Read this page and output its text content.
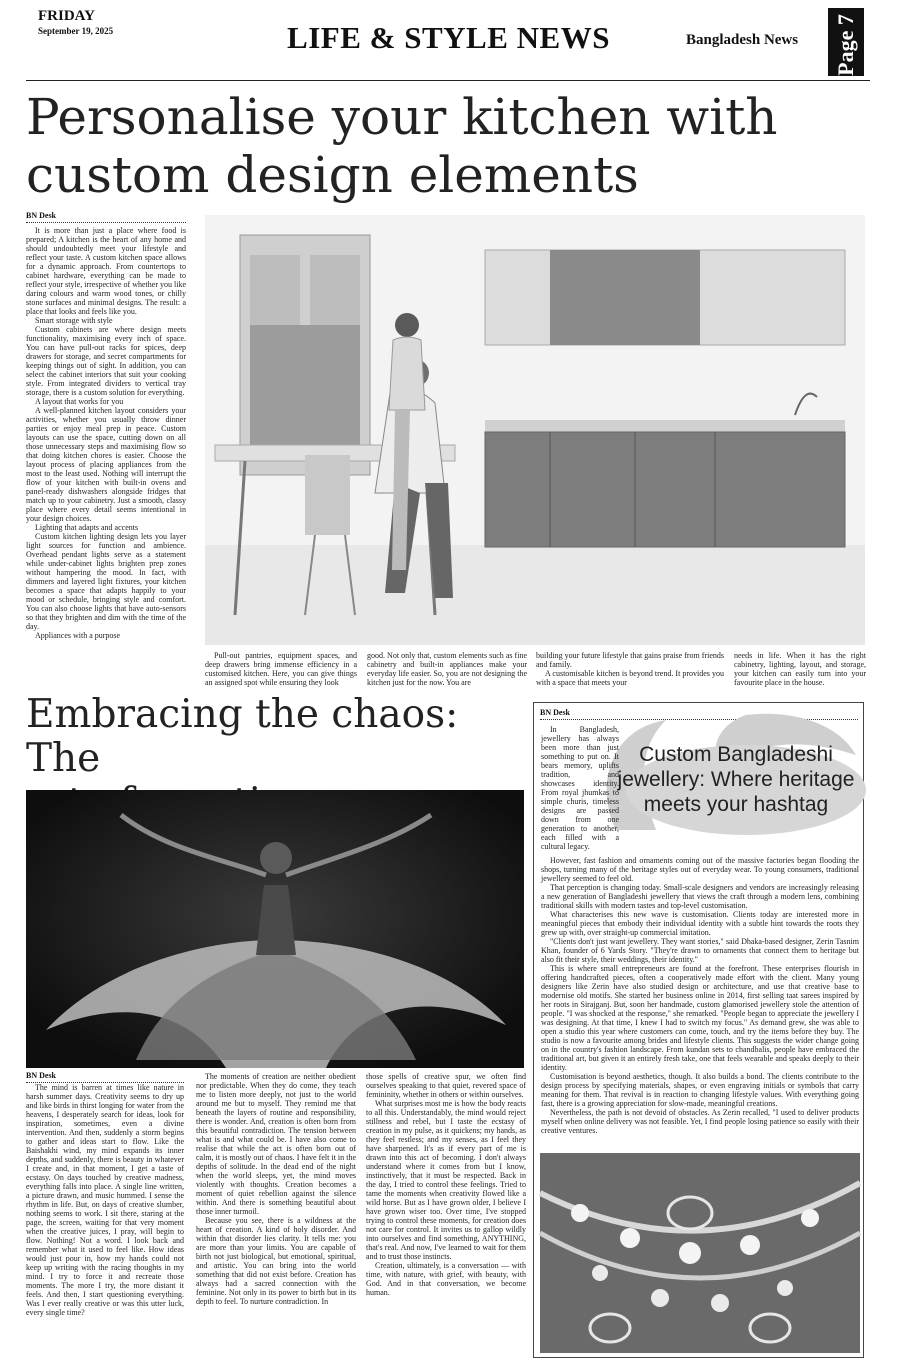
FRIDAY
September 19, 2025	LIFE & STYLE NEWS	Bangladesh News Page 7
Personalise your kitchen with
custom design elements
BN Desk

It is more than just a place where food is prepared; A kitchen is the heart of any home and should undoubtedly meet your lifestyle and reflect your taste. A custom kitchen space allows for a dynamic approach. From countertops to cabinet hardware, everything can be made to reflect your style, irrespective of whether you like daring colours and warm wood tones, or chilly stone surfaces and minimal designs. The result: a place that looks and feels like you.

Smart storage with style

Custom cabinets are where design meets functionality, maximising every inch of space. You can have pull-out racks for spices, deep drawers for storage, and secret compartments for keeping things out of sight. In addition, you can select the cabinet interiors that suit your cooking style. From integrated dividers to vertical tray storage, there is a custom solution for everything.

A layout that works for you

A well-planned kitchen layout considers your activities, whether you usually throw dinner parties or enjoy meal prep in peace. Custom layouts can use the space, cutting down on all those unnecessary steps and maximising flow so that doing kitchen chores is easier. Choose the layout process of placing appliances from the most to the least used. Nothing will interrupt the flow of your kitchen with built-in ovens and panel-ready dishwashers alongside fridges that match up to your cabinetry. Just a smooth, classy place where every detail seems intentional in your design choices.

Lighting that adapts and accents

Custom kitchen lighting design lets you layer light sources for function and ambience. Overhead pendant lights serve as a statement while under-cabinet lights brighten prep zones without hampering the mood. In fact, with dimmers and layered light fixtures, your kitchen becomes a space that adapts happily to your mood or schedule, bringing style and comfort. You can also choose lights that have auto-sensors so that they brighten and dim with the time of the day.

Appliances with a purpose

Pull-out pantries, equipment spaces, and deep drawers bring immense efficiency in a customised kitchen. Here, you can give things an assigned spot while ensuring they look

good. Not only that, custom elements such as fine cabinetry and built-in appliances make your everyday life easier. So, you are not designing the kitchen just for the now. You are

building your future lifestyle that gains praise from friends and family.

A customisable kitchen is beyond trend. It provides you with a space that meets your

needs in life. When it has the right cabinetry, lighting, layout, and storage, your kitchen can easily turn into your favourite place in the house.

Embracing the chaos: The
BN Desk

The mind is barren at times like nature in harsh summer days. Creativity seems to dry up and like birds in thirst longing for water from the heavens, I desperately search for ideas, look for inspiration, sometimes, even a divine intervention. And then, suddenly a storm begins to gather and ideas start to flow. Like the Baishakhi wind, my mind expands its inner depths, and suddenly, there is beauty in whatever I create and, in that moment, I get a taste of ecstasy. On days touched by creative madness, everything falls into place. A single line written, a picture drawn, and music hummed. I sense the rhythm in life. But, on days of creative slumber, nothing seems to work. I sit there, staring at the page, the screen, waiting for that very moment when the creative juices, I pray, will begin to flow. Nothing! Not a word. I look back and remember what it used to feel like. How ideas would just pour in, how my hands could not keep up writing with the racing thoughts in my mind. I try to force it and recreate those moments. The more I try, the more distant it feels. And then, I start questioning everything. Was I ever really creative or was this utter luck, every single time?

The moments of creation are neither obedient nor predictable. When they do come, they teach me to listen more deeply, not just to the world around me but to myself. They remind me that beneath the layers of routine and responsibility, there is wonder. And, creation is often born from this beautiful contradiction. The tension between what is and what could be. I have also come to realise that while the act is often born out of calm, it is mostly out of chaos. I have felt it in the depths of solitude. In the dead end of the night when the world sleeps, yet, the mind moves violently with thoughts. Creation becomes a moment of quiet rebellion against the silence within. And there is something beautiful about those inner turmoil.

Because you see, there is a wildness at the heart of creation. A kind of holy disorder. And within that disorder lies clarity. It tells me: you are more than your limits. You are capable of birth not just biological, but emotional, spiritual, and artistic. You can bring into the world something that did not exist before. Creation has always had a sacred connection with the feminine. Not only in its power to birth but in its depth to feel. To nurture contradiction. In

those spells of creative spur, we often find ourselves speaking to that quiet, revered space of femininity, whether in others or within ourselves.

What surprises most me is how the body reacts to all this. Understandably, the mind would reject stillness and rebel, but I taste the ecstasy of creation in my pulse, as it quickens; my hands, as they feel restless; and my senses, as I feel they have sharpened. It's as if every part of me is drawn into this act of becoming. I don't always understand where it comes from but I know, instinctively, that it must be respected. Back in the day, I tried to control these feelings. Tried to tame the moments when creativity flowed like a wild horse. But as I have grown older, I believe I have grown wiser too. Over time, I've stopped trying to control these moments, for creation does not care for control. It invites us to gallop wildly into ourselves and find something, ANYTHING, that's real. And now, I've learned to wait for them and to trust those instincts.

Creation, ultimately, is a conversation — with time, with nature, with grief, with beauty, with God. And in that conversation, we become human.

BN Desk
Custom Bangladeshi jewellery: Where heritage meets your hashtag

In Bangladesh, jewellery has always been more than just something to put on. It bears memory, uplifts tradition, and showcases identity. From royal jhumkas to simple churis, timeless designs are passed down from one generation to another, each filled with a cultural legacy.

However, fast fashion and ornaments coming out of the massive factories began flooding the shops, turning many of the heritage styles out of everyday wear. To young consumers, traditional jewellery seemed to feel old.

That perception is changing today. Small-scale designers and vendors are increasingly releasing a new generation of Bangladeshi jewellery that views the craft through a modern lens, combining traditional skills with modern tastes and top-level customisation.

What characterises this new wave is customisation. Clients today are interested more in meaningful pieces that embody their individual identity with a subtle hint towards the roots they grew up with, over straight-up commercial imitation.

"Clients don't just want jewellery. They want stories," said Dhaka-based designer, Zerin Tasnim Khan, founder of 6 Yards Story. "They're drawn to ornaments that connect them to heritage but also fit their style, their weddings, their identity."

This is where small entrepreneurs are found at the forefront. These enterprises flourish in offering handcrafted pieces, often a cooperatively made effort with the client. Many young designers like Zerin have also studied design or architecture, and use that creative base to modernise old motifs. She started her business online in 2014, first selling taat sarees inspired by her roots in Sirajganj. But, soon her handmade, custom glamorised jewellery stole the attention of people. "I was shocked at the response," she remarked. "People began to appreciate the jewellery I was designing. At that time, I knew I had to switch my focus." As demand grew, she was able to open a studio this year where customers can come, touch, and try the items before they buy. The studio is now a favourite among brides and lifestyle clients. This suggests the wider change going on in the country's fashion landscape. From kundan sets to chandbalis, people have embraced the traditional art, but given it an entirely fresh take, one that feels wearable and speaks deeply to their identity.

Customisation is beyond aesthetics, though. It also builds a bond. The clients contribute to the design process by specifying materials, shapes, or even engraving initials or symbols that carry meaning for them. That revival is in reaction to changing lifestyle values. With everything going fast, there is a growing appreciation for slow-made, meaningful creations.

Nevertheless, the path is not devoid of obstacles. As Zerin recalled, "I used to deliver products myself when online delivery was not feasible. Yet, I find people losing patience so easily with their creative ventures.
